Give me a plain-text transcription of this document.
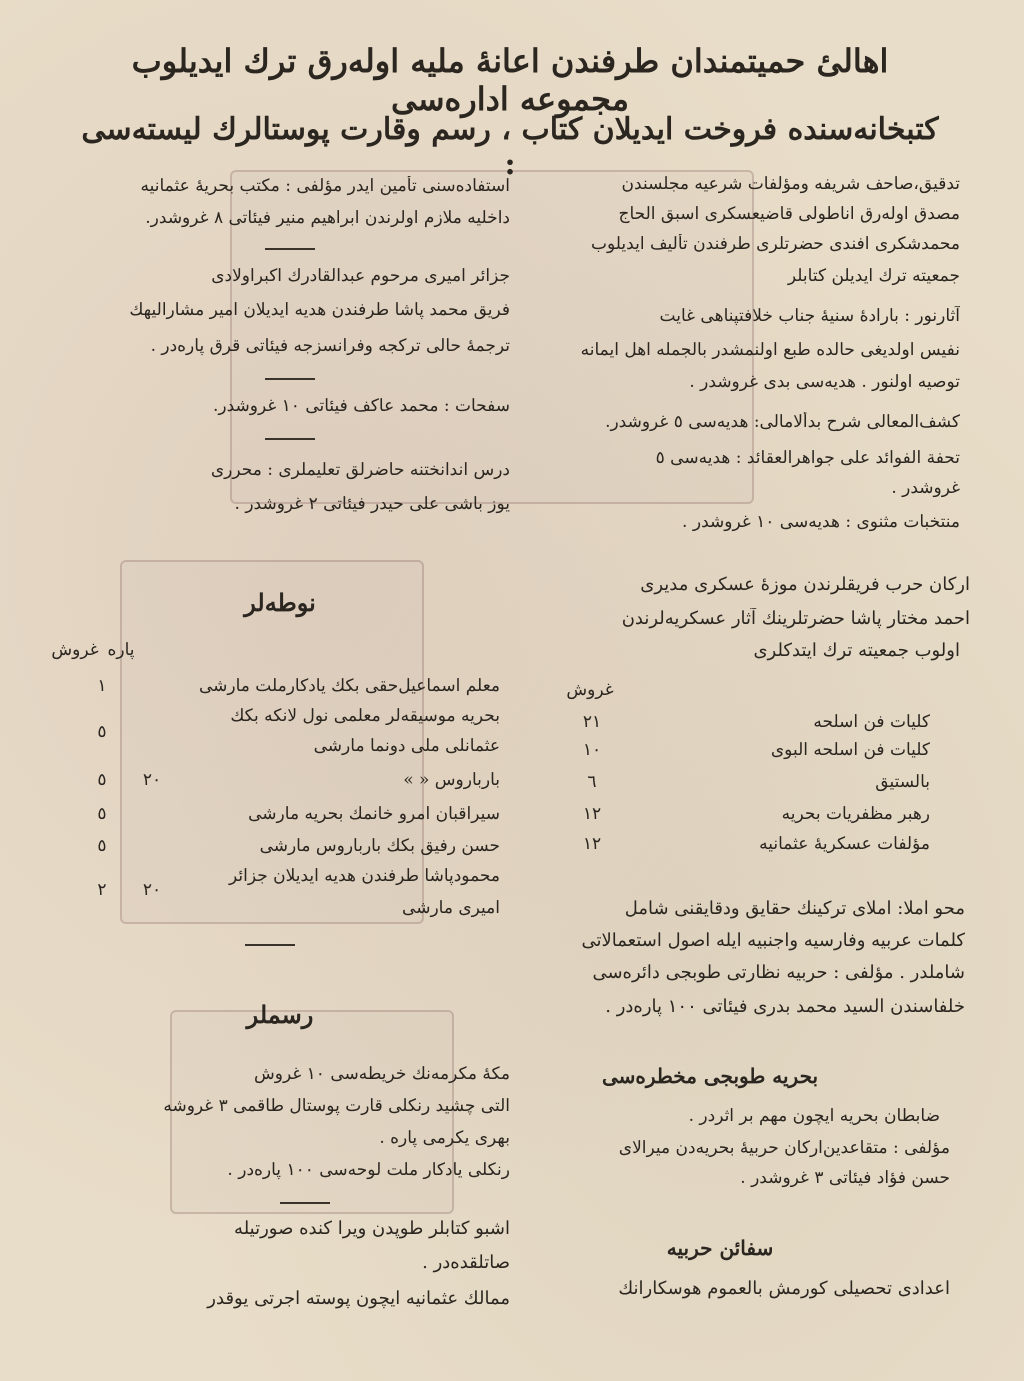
اهالیٔ حمیتمندان طرفندن اعانهٔ ملیه اولەرق ترك ایدیلوب مجموعه ادارەسی
کتبخانه‌سنده فروخت ایدیلان کتاب ، رسم وقارت پوستالرك لیستەسی :
تدقیق،صاحف شریفه ومؤلفات ‌شرعیه مجلسندن
مصدق اولەرق اناطولی قاضیعسکری اسبق الحاج
محمدشکری افندی حضرتلری طرفندن تألیف ایدیلوب
جمعیته ترك ایدیلن کتابلر
آثارنور : بارادهٔ سنیهٔ جناب خلافتپناهی غایت
نفیس اولدیغی حالده طبع اولنمشدر بالجمله اهل ایمانه
توصیه اولنور . هدیه‌سی بدی غروشدر .
کشف‌المعالی شرح بدألامالی: هدیه‌سی ٥ غروشدر.
تحفة الفوائد علی جواهرالعقائد : هدیه‌سی ٥
غروشدر .
منتخبات مثنوی : هدیه‌سی ١٠ غروشدر .
ارکان حرب فریقلرندن موزهٔ عسکری مدیری
احمد مختار پاشا حضرتلرینك آثار عسکریه‌لرندن
اولوب جمعیته ترك ایتدکلری
غروش
کلیات فن اسلحه
٢١
کلیات فن اسلحه البوی
١٠
بالستیق
٦
رهبر مظفریات بحریه
١٢
مؤلفات عسکریهٔ عثمانیه
١٢
محو املا: املای ترکینك حقایق ودقایقنی شامل
کلمات عربیه وفارسیه واجنبیه ایله اصول استعمالاتی
شاملدر . مؤلفی : حربیه نظارتی طوبجی دائرەسی
خلفاسندن السید محمد بدری فیئاتی ١٠٠ پارەدر .
بحریه طوبجی مخطرەسی
ضابطان بحریه ایچون مهم بر اثردر .
مؤلفی : متقاعدین‌ارکان حربیهٔ بحریه‌دن میرالای
حسن فؤاد فیئاتی ٣ غروشدر .
سفائن حربیه
اعدادی تحصیلی کورمش بالعموم هوسکارانك
استفاده‌سنی تأمین ایدر مؤلفی : مکتب بحریهٔ عثمانیه
داخلیه ملازم اولرندن ابراهیم منیر فیئاتی ٨ غروشدر.
جزائر امیری مرحوم عبدالقادرك اکبراولادی
فریق محمد پاشا طرفندن هدیه ایدیلان امیر مشارالیهك
ترجمهٔ حالی ترکجه وفرانسزجه فیئاتی قرق پارەدر .
سفحات : محمد عاکف فیئاتی ١٠ غروشدر.
درس اندانختنه حاضرلق تعلیملری : محرری
یوز باشی علی حیدر فیئاتی ٢ غروشدر .
نوطەلر
پاره
غروش
معلم اسماعیل‌حقی بکك یادکارملت مارشی
١
بحریه موسیقه‌لر معلمی نول لانکه بکك
عثمانلی ملی دونما مارشی
٥
باربارو‌س « »
٥	٢٠
سیراقبان امرو خانمك بحریه مارشی
٥
حسن رفیق بکك باربارو‌س مارشی
٥
محمودپاشا طرفندن هدیه ایدیلان جزائر
٢	٢٠
امیری مارشی
رسملر
مکهٔ مکرمه‌نك خریطه‌سی ١٠ غروش
التی چشید رنکلی قارت پوستال طاقمی ٣ غروشه
بهری یکرمی پاره .
رنکلی یادکار ملت لوحه‌سی ١٠٠ پارەدر .
اشبو کتابلر طوپدن ویرا کنده صورتیله
صاتلقده‌در .
ممالك عثمانیه ایچون پوسته اجرتی یوقدر
